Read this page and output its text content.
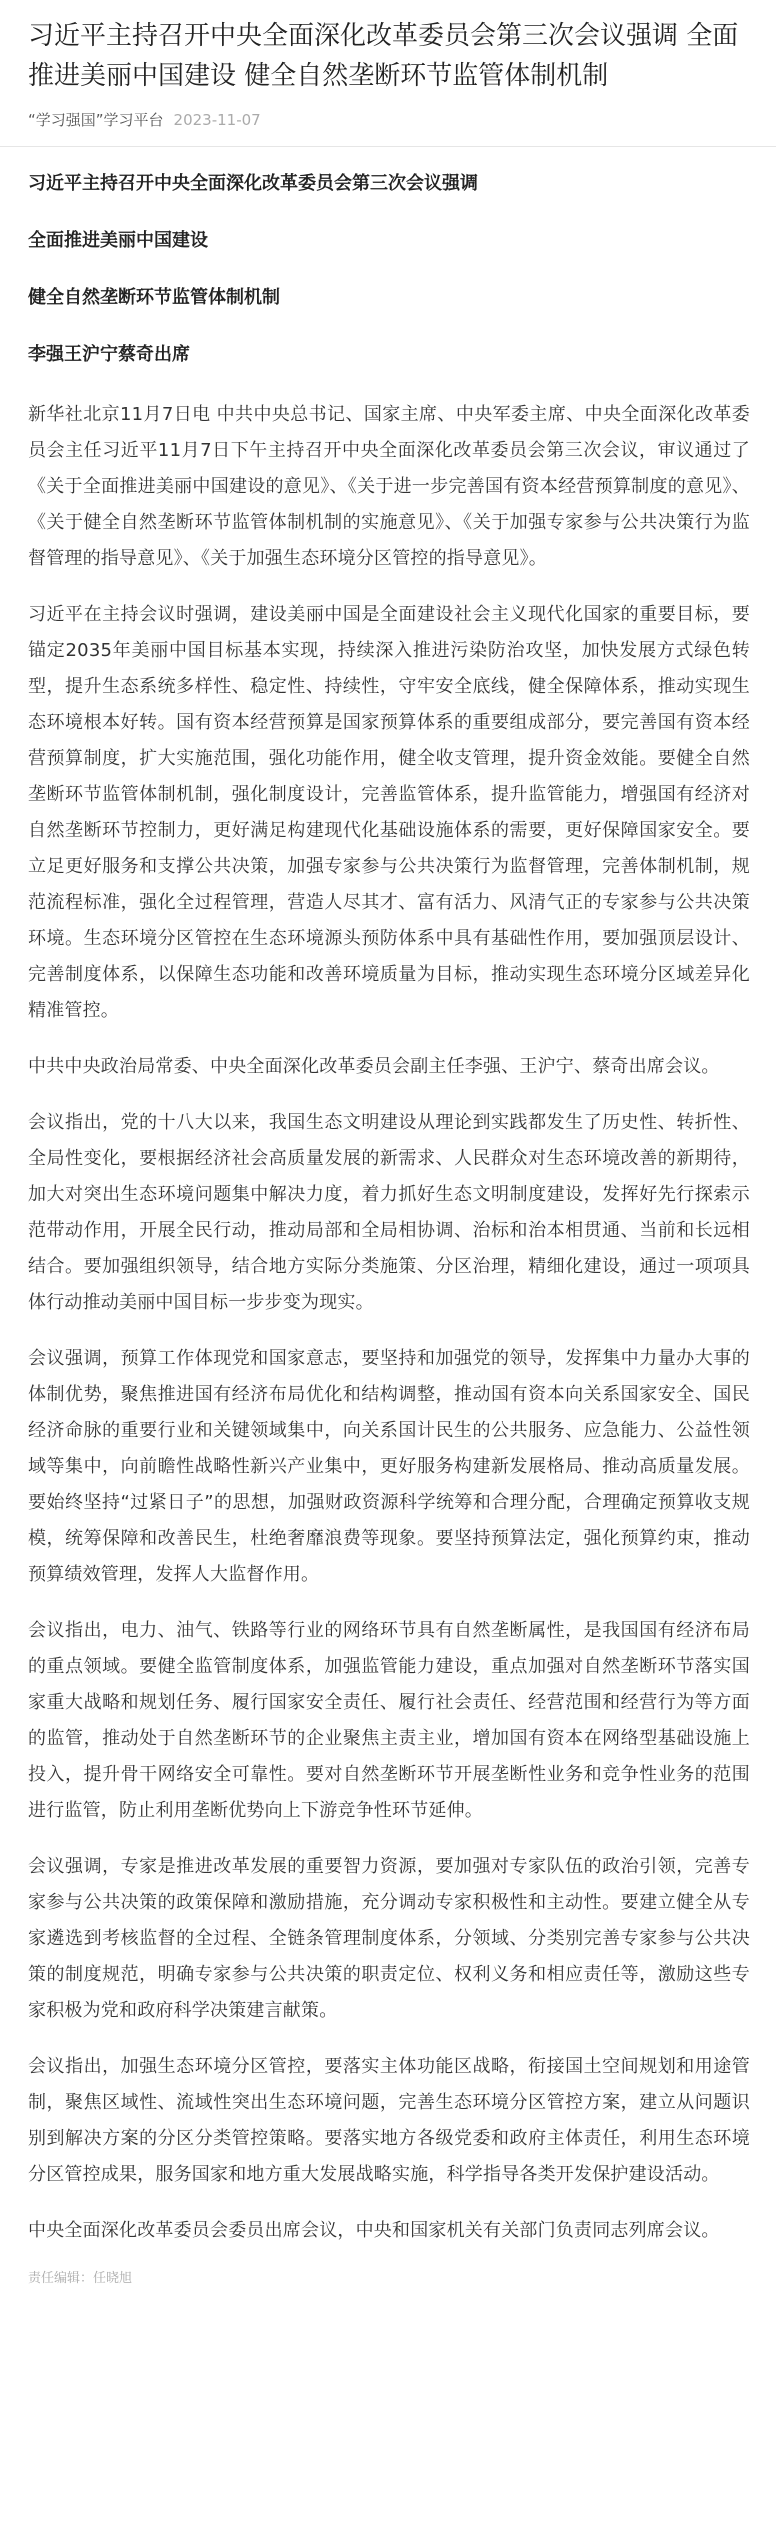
习近平主持召开中央全面深化改革委员会第三次会议强调 全面推进美丽中国建设 健全自然垄断环节监管体制机制
“学习强国”学习平台 2023-11-07

习近平主持召开中央全面深化改革委员会第三次会议强调

全面推进美丽中国建设

健全自然垄断环节监管体制机制

李强王沪宁蔡奇出席

新华社北京11月7日电 中共中央总书记、国家主席、中央军委主席、中央全面深化改革委员会主任习近平11月7日下午主持召开中央全面深化改革委员会第三次会议，审议通过了《关于全面推进美丽中国建设的意见》、《关于进一步完善国有资本经营预算制度的意见》、《关于健全自然垄断环节监管体制机制的实施意见》、《关于加强专家参与公共决策行为监督管理的指导意见》、《关于加强生态环境分区管控的指导意见》。

习近平在主持会议时强调，建设美丽中国是全面建设社会主义现代化国家的重要目标，要锚定2035年美丽中国目标基本实现，持续深入推进污染防治攻坚，加快发展方式绿色转型，提升生态系统多样性、稳定性、持续性，守牢安全底线，健全保障体系，推动实现生态环境根本好转。国有资本经营预算是国家预算体系的重要组成部分，要完善国有资本经营预算制度，扩大实施范围，强化功能作用，健全收支管理，提升资金效能。要健全自然垄断环节监管体制机制，强化制度设计，完善监管体系，提升监管能力，增强国有经济对自然垄断环节控制力，更好满足构建现代化基础设施体系的需要，更好保障国家安全。要立足更好服务和支撑公共决策，加强专家参与公共决策行为监督管理，完善体制机制，规范流程标准，强化全过程管理，营造人尽其才、富有活力、风清气正的专家参与公共决策环境。生态环境分区管控在生态环境源头预防体系中具有基础性作用，要加强顶层设计、完善制度体系，以保障生态功能和改善环境质量为目标，推动实现生态环境分区域差异化精准管控。

中共中央政治局常委、中央全面深化改革委员会副主任李强、王沪宁、蔡奇出席会议。

会议指出，党的十八大以来，我国生态文明建设从理论到实践都发生了历史性、转折性、全局性变化，要根据经济社会高质量发展的新需求、人民群众对生态环境改善的新期待，加大对突出生态环境问题集中解决力度，着力抓好生态文明制度建设，发挥好先行探索示范带动作用，开展全民行动，推动局部和全局相协调、治标和治本相贯通、当前和长远相结合。要加强组织领导，结合地方实际分类施策、分区治理，精细化建设，通过一项项具体行动推动美丽中国目标一步步变为现实。

会议强调，预算工作体现党和国家意志，要坚持和加强党的领导，发挥集中力量办大事的体制优势，聚焦推进国有经济布局优化和结构调整，推动国有资本向关系国家安全、国民经济命脉的重要行业和关键领域集中，向关系国计民生的公共服务、应急能力、公益性领域等集中，向前瞻性战略性新兴产业集中，更好服务构建新发展格局、推动高质量发展。要始终坚持“过紧日子”的思想，加强财政资源科学统筹和合理分配，合理确定预算收支规模，统筹保障和改善民生，杜绝奢靡浪费等现象。要坚持预算法定，强化预算约束，推动预算绩效管理，发挥人大监督作用。

会议指出，电力、油气、铁路等行业的网络环节具有自然垄断属性，是我国国有经济布局的重点领域。要健全监管制度体系，加强监管能力建设，重点加强对自然垄断环节落实国家重大战略和规划任务、履行国家安全责任、履行社会责任、经营范围和经营行为等方面的监管，推动处于自然垄断环节的企业聚焦主责主业，增加国有资本在网络型基础设施上投入，提升骨干网络安全可靠性。要对自然垄断环节开展垄断性业务和竞争性业务的范围进行监管，防止利用垄断优势向上下游竞争性环节延伸。

会议强调，专家是推进改革发展的重要智力资源，要加强对专家队伍的政治引领，完善专家参与公共决策的政策保障和激励措施，充分调动专家积极性和主动性。要建立健全从专家遴选到考核监督的全过程、全链条管理制度体系，分领域、分类别完善专家参与公共决策的制度规范，明确专家参与公共决策的职责定位、权利义务和相应责任等，激励这些专家积极为党和政府科学决策建言献策。

会议指出，加强生态环境分区管控，要落实主体功能区战略，衔接国土空间规划和用途管制，聚焦区域性、流域性突出生态环境问题，完善生态环境分区管控方案，建立从问题识别到解决方案的分区分类管控策略。要落实地方各级党委和政府主体责任，利用生态环境分区管控成果，服务国家和地方重大发展战略实施，科学指导各类开发保护建设活动。

中央全面深化改革委员会委员出席会议，中央和国家机关有关部门负责同志列席会议。

责任编辑：任晓旭
